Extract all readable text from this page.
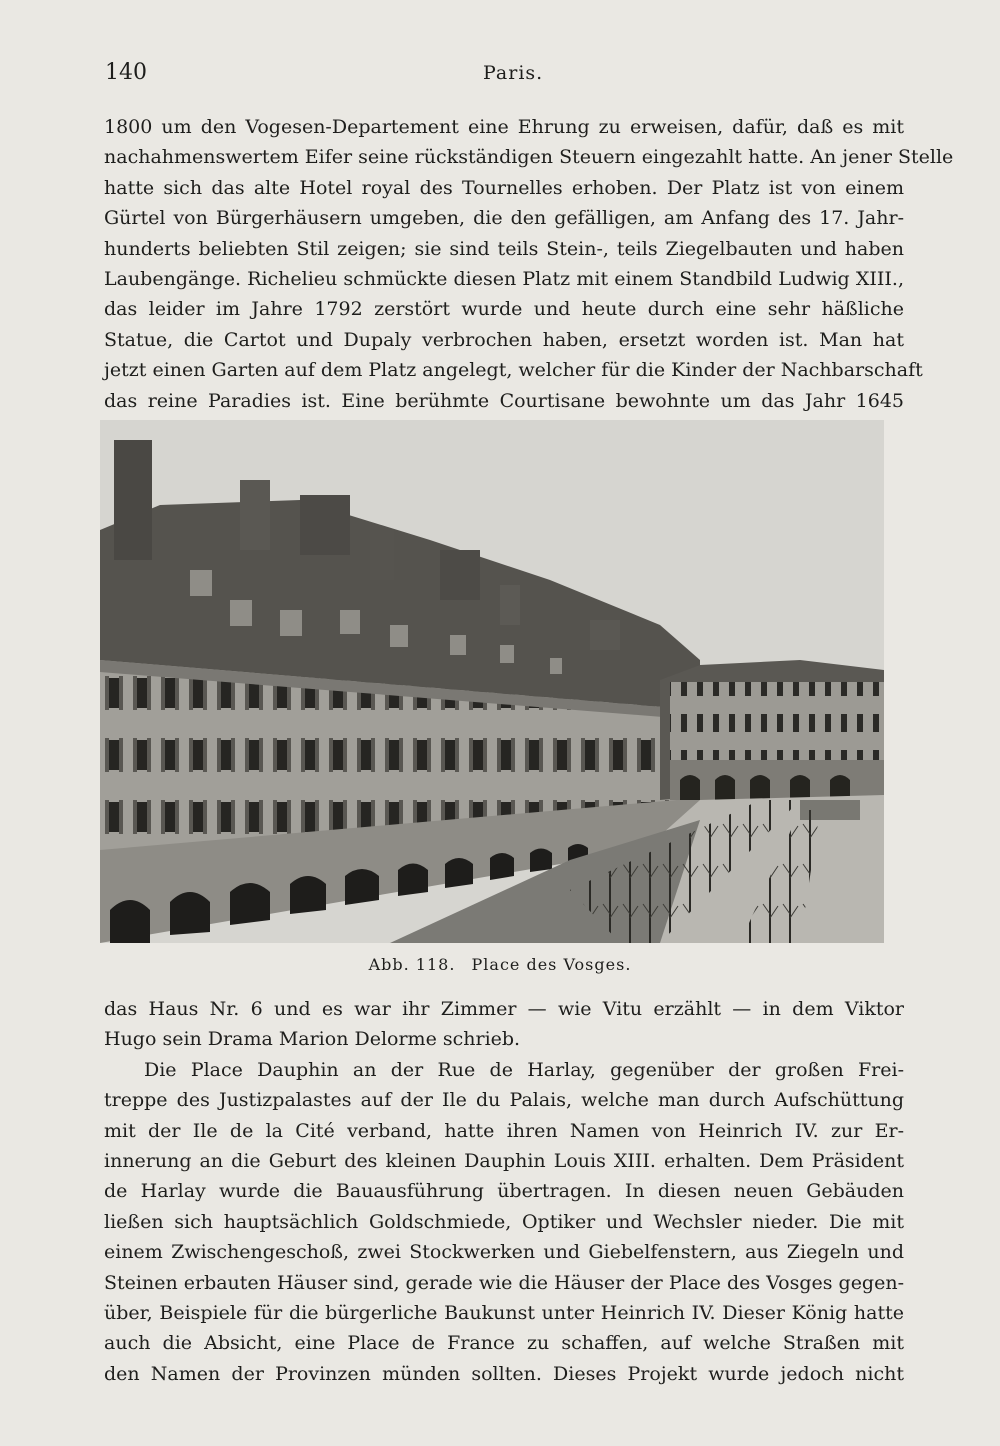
140	Paris.
1800 um den Vogesen-Departement eine Ehrung zu erweisen, dafür, daß es mit
nachahmenswertem Eifer seine rückständigen Steuern eingezahlt hatte. An jener Stelle
hatte sich das alte Hotel royal des Tournelles erhoben. Der Platz ist von einem
Gürtel von Bürgerhäusern umgeben, die den gefälligen, am Anfang des 17. Jahr-
hunderts beliebten Stil zeigen; sie sind teils Stein-, teils Ziegelbauten und haben
Laubengänge. Richelieu schmückte diesen Platz mit einem Standbild Ludwig XIII.,
das leider im Jahre 1792 zerstört wurde und heute durch eine sehr häßliche
Statue, die Cartot und Dupaly verbrochen haben, ersetzt worden ist. Man hat
jetzt einen Garten auf dem Platz angelegt, welcher für die Kinder der Nachbarschaft
das reine Paradies ist. Eine berühmte Courtisane bewohnte um das Jahr 1645
Abb. 118. Place des Vosges.
das Haus Nr. 6 und es war ihr Zimmer — wie Vitu erzählt — in dem Viktor
Hugo sein Drama Marion Delorme schrieb.
Die Place Dauphin an der Rue de Harlay, gegenüber der großen Frei-
treppe des Justizpalastes auf der Ile du Palais, welche man durch Aufschüttung
mit der Ile de la Cité verband, hatte ihren Namen von Heinrich IV. zur Er-
innerung an die Geburt des kleinen Dauphin Louis XIII. erhalten. Dem Präsident
de Harlay wurde die Bauausführung übertragen. In diesen neuen Gebäuden
ließen sich hauptsächlich Goldschmiede, Optiker und Wechsler nieder. Die mit
einem Zwischengeschoß, zwei Stockwerken und Giebelfenstern, aus Ziegeln und
Steinen erbauten Häuser sind, gerade wie die Häuser der Place des Vosges gegen-
über, Beispiele für die bürgerliche Baukunst unter Heinrich IV. Dieser König hatte
auch die Absicht, eine Place de France zu schaffen, auf welche Straßen mit
den Namen der Provinzen münden sollten. Dieses Projekt wurde jedoch nicht
